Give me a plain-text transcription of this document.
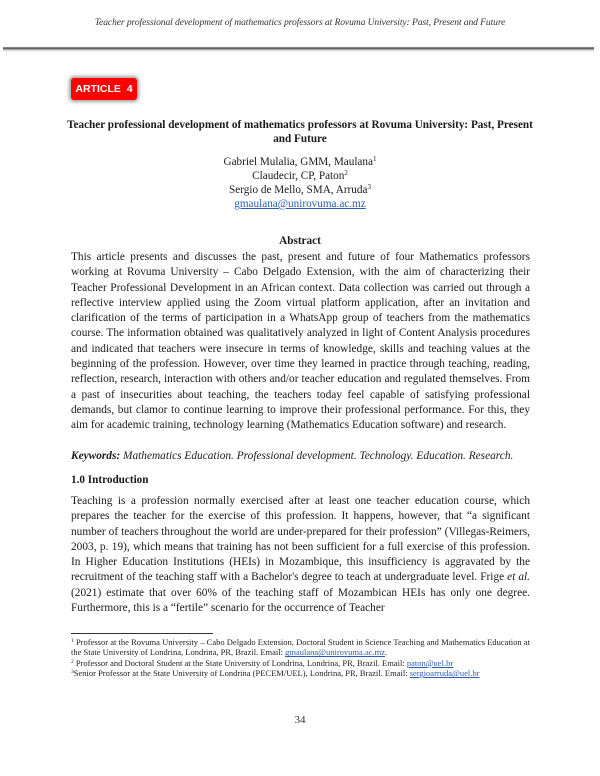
Teacher professional development of mathematics professors at Rovuma University: Past, Present and Future
ARTICLE 4
Teacher professional development of mathematics professors at Rovuma University: Past, Present and Future
Gabriel Mulalia, GMM, Maulana$^1$
Claudecir, CP, Paton$^2$
Sergio de Mello, SMA, Arruda$^3$
gmaulana@unirovuma.ac.mz
Abstract

This article presents and discusses the past, present and future of four Mathematics professors working at Rovuma University – Cabo Delgado Extension, with the aim of characterizing their Teacher Professional Development in an African context. Data collection was carried out through a reflective interview applied using the Zoom virtual platform application, after an invitation and clarification of the terms of participation in a WhatsApp group of teachers from the mathematics course. The information obtained was qualitatively analyzed in light of Content Analysis procedures and indicated that teachers were insecure in terms of knowledge, skills and teaching values at the beginning of the profession. However, over time they learned in practice through teaching, reading, reflection, research, interaction with others and/or teacher education and regulated themselves. From a past of insecurities about teaching, the teachers today feel capable of satisfying professional demands, but clamor to continue learning to improve their professional performance. For this, they aim for academic training, technology learning (Mathematics Education software) and research.

Keywords: Mathematics Education. Professional development. Technology. Education. Research.
1.0 Introduction

Teaching is a profession normally exercised after at least one teacher education course, which prepares the teacher for the exercise of this profession. It happens, however, that “a significant number of teachers throughout the world are under-prepared for their profession” (Villegas-Reimers, 2003, p. 19), which means that training has not been sufficient for a full exercise of this profession. In Higher Education Institutions (HEIs) in Mozambique, this insufficiency is aggravated by the recruitment of the teaching staff with a Bachelor's degree to teach at undergraduate level. Frige et al. (2021) estimate that over 60% of the teaching staff of Mozambican HEIs has only one degree. Furthermore, this is a “fertile” scenario for the occurrence of Teacher

$^1$ Professor at the Rovuma University – Cabo Delgado Extension, Doctoral Student in Science Teaching and Mathematics Education at the State University of Londrina, Londrina, PR, Brazil. Email: gmaulana@unirovuma.ac.mz.

$^2$ Professor and Doctoral Student at the State University of Londrina, Londrina, PR, Brazil. Email: paton@uel.br

$^3$Senior Professor at the State University of Londrina (PECEM/UEL), Londrina, PR, Brazil. Email: sergioarruda@uel.br

34
